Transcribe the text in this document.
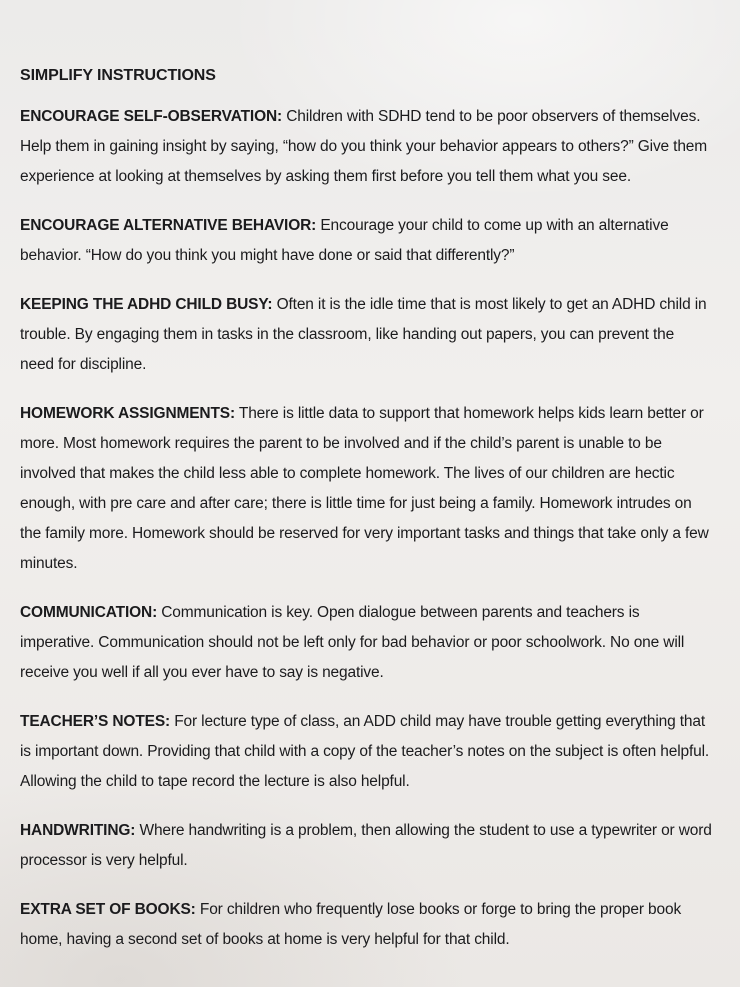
SIMPLIFY INSTRUCTIONS

ENCOURAGE SELF-OBSERVATION: Children with SDHD tend to be poor observers of themselves. Help them in gaining insight by saying, “how do you think your behavior appears to others?” Give them experience at looking at themselves by asking them first before you tell them what you see.

ENCOURAGE ALTERNATIVE BEHAVIOR: Encourage your child to come up with an alternative behavior. “How do you think you might have done or said that differently?”

KEEPING THE ADHD CHILD BUSY: Often it is the idle time that is most likely to get an ADHD child in trouble. By engaging them in tasks in the classroom, like handing out papers, you can prevent the need for discipline.

HOMEWORK ASSIGNMENTS: There is little data to support that homework helps kids learn better or more. Most homework requires the parent to be involved and if the child’s parent is unable to be involved that makes the child less able to complete homework. The lives of our children are hectic enough, with pre care and after care; there is little time for just being a family. Homework intrudes on the family more. Homework should be reserved for very important tasks and things that take only a few minutes.

COMMUNICATION: Communication is key. Open dialogue between parents and teachers is imperative. Communication should not be left only for bad behavior or poor schoolwork. No one will receive you well if all you ever have to say is negative.

TEACHER’S NOTES: For lecture type of class, an ADD child may have trouble getting everything that is important down. Providing that child with a copy of the teacher’s notes on the subject is often helpful. Allowing the child to tape record the lecture is also helpful.

HANDWRITING: Where handwriting is a problem, then allowing the student to use a typewriter or word processor is very helpful.

EXTRA SET OF BOOKS: For children who frequently lose books or forge to bring the proper book home, having a second set of books at home is very helpful for that child.
